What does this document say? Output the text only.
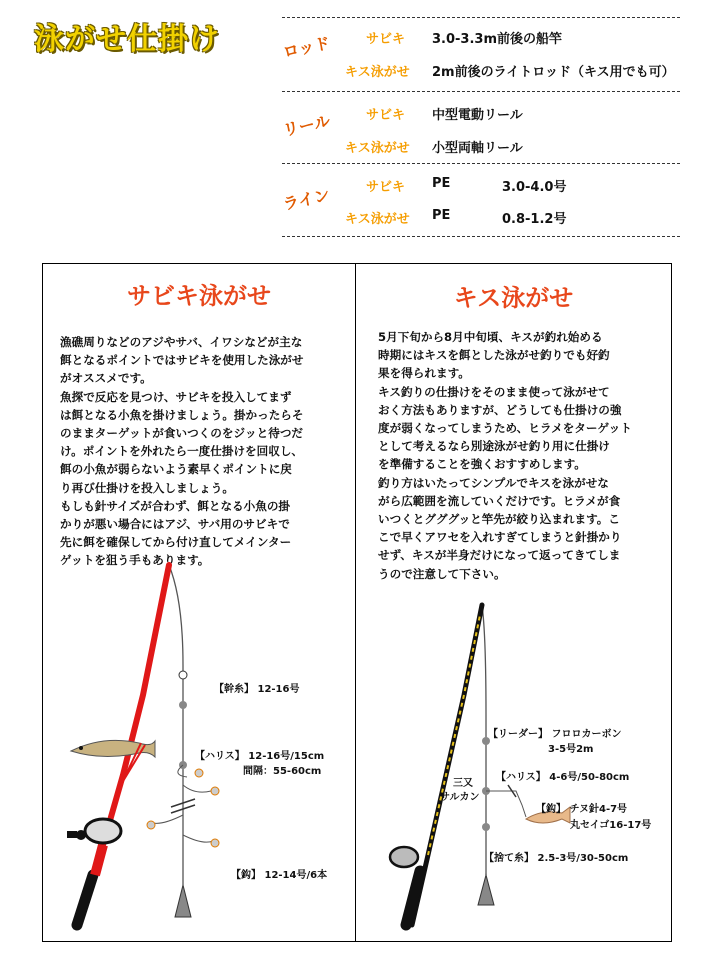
泳がせ仕掛け	ロッド	サビキ 3.0-3.3m前後の船竿
キス泳がせ 2m前後のライトロッド（キス用でも可）
リール	サビキ 中型電動リール
キス泳がせ 小型両軸リール
ライン	サビキ PE	3.0-4.0号
キス泳がせ PE	0.8-1.2号
サビキ泳がせ
漁礁周りなどのアジやサバ、イワシなどが主な
餌となるポイントではサビキを使用した泳がせ
がオススメです。
魚探で反応を見つけ、サビキを投入してまず
は餌となる小魚を掛けましょう。掛かったらそ
のままターゲットが食いつくのをジッと待つだ
け。ポイントを外れたら一度仕掛けを回収し、
餌の小魚が弱らないよう素早くポイントに戻
り再び仕掛けを投入しましょう。
もしも針サイズが合わず、餌となる小魚の掛
かりが悪い場合にはアジ、サバ用のサビキで
先に餌を確保してから付け直してメインター
ゲットを狙う手もあります。
【幹糸】 12-16号
【ハリス】 12-16号/15cm
間隔：55-60cm
【鈎】 12-14号/6本
キス泳がせ
5月下旬から8月中旬頃、キスが釣れ始める
時期にはキスを餌とした泳がせ釣りでも好釣
果を得られます。
キス釣りの仕掛けをそのまま使って泳がせて
おく方法もありますが、どうしても仕掛けの強
度が弱くなってしまうため、ヒラメをターゲット
として考えるなら別途泳がせ釣り用に仕掛け
を準備することを強くおすすめします。
釣り方はいたってシンプルでキスを泳がせな
がら広範囲を流していくだけです。ヒラメが食
いつくとグググッと竿先が絞り込まれます。こ
こで早くアワセを入れすぎてしまうと針掛かり
せず、キスが半身だけになって返ってきてしま
うので注意して下さい。
【リーダー】 フロロカーボン
3-5号2m
三又
サルカン
【ハリス】 4-6号/50-80cm
【鈎】 チヌ針4-7号
丸セイゴ16-17号
【捨て糸】 2.5-3号/30-50cm
